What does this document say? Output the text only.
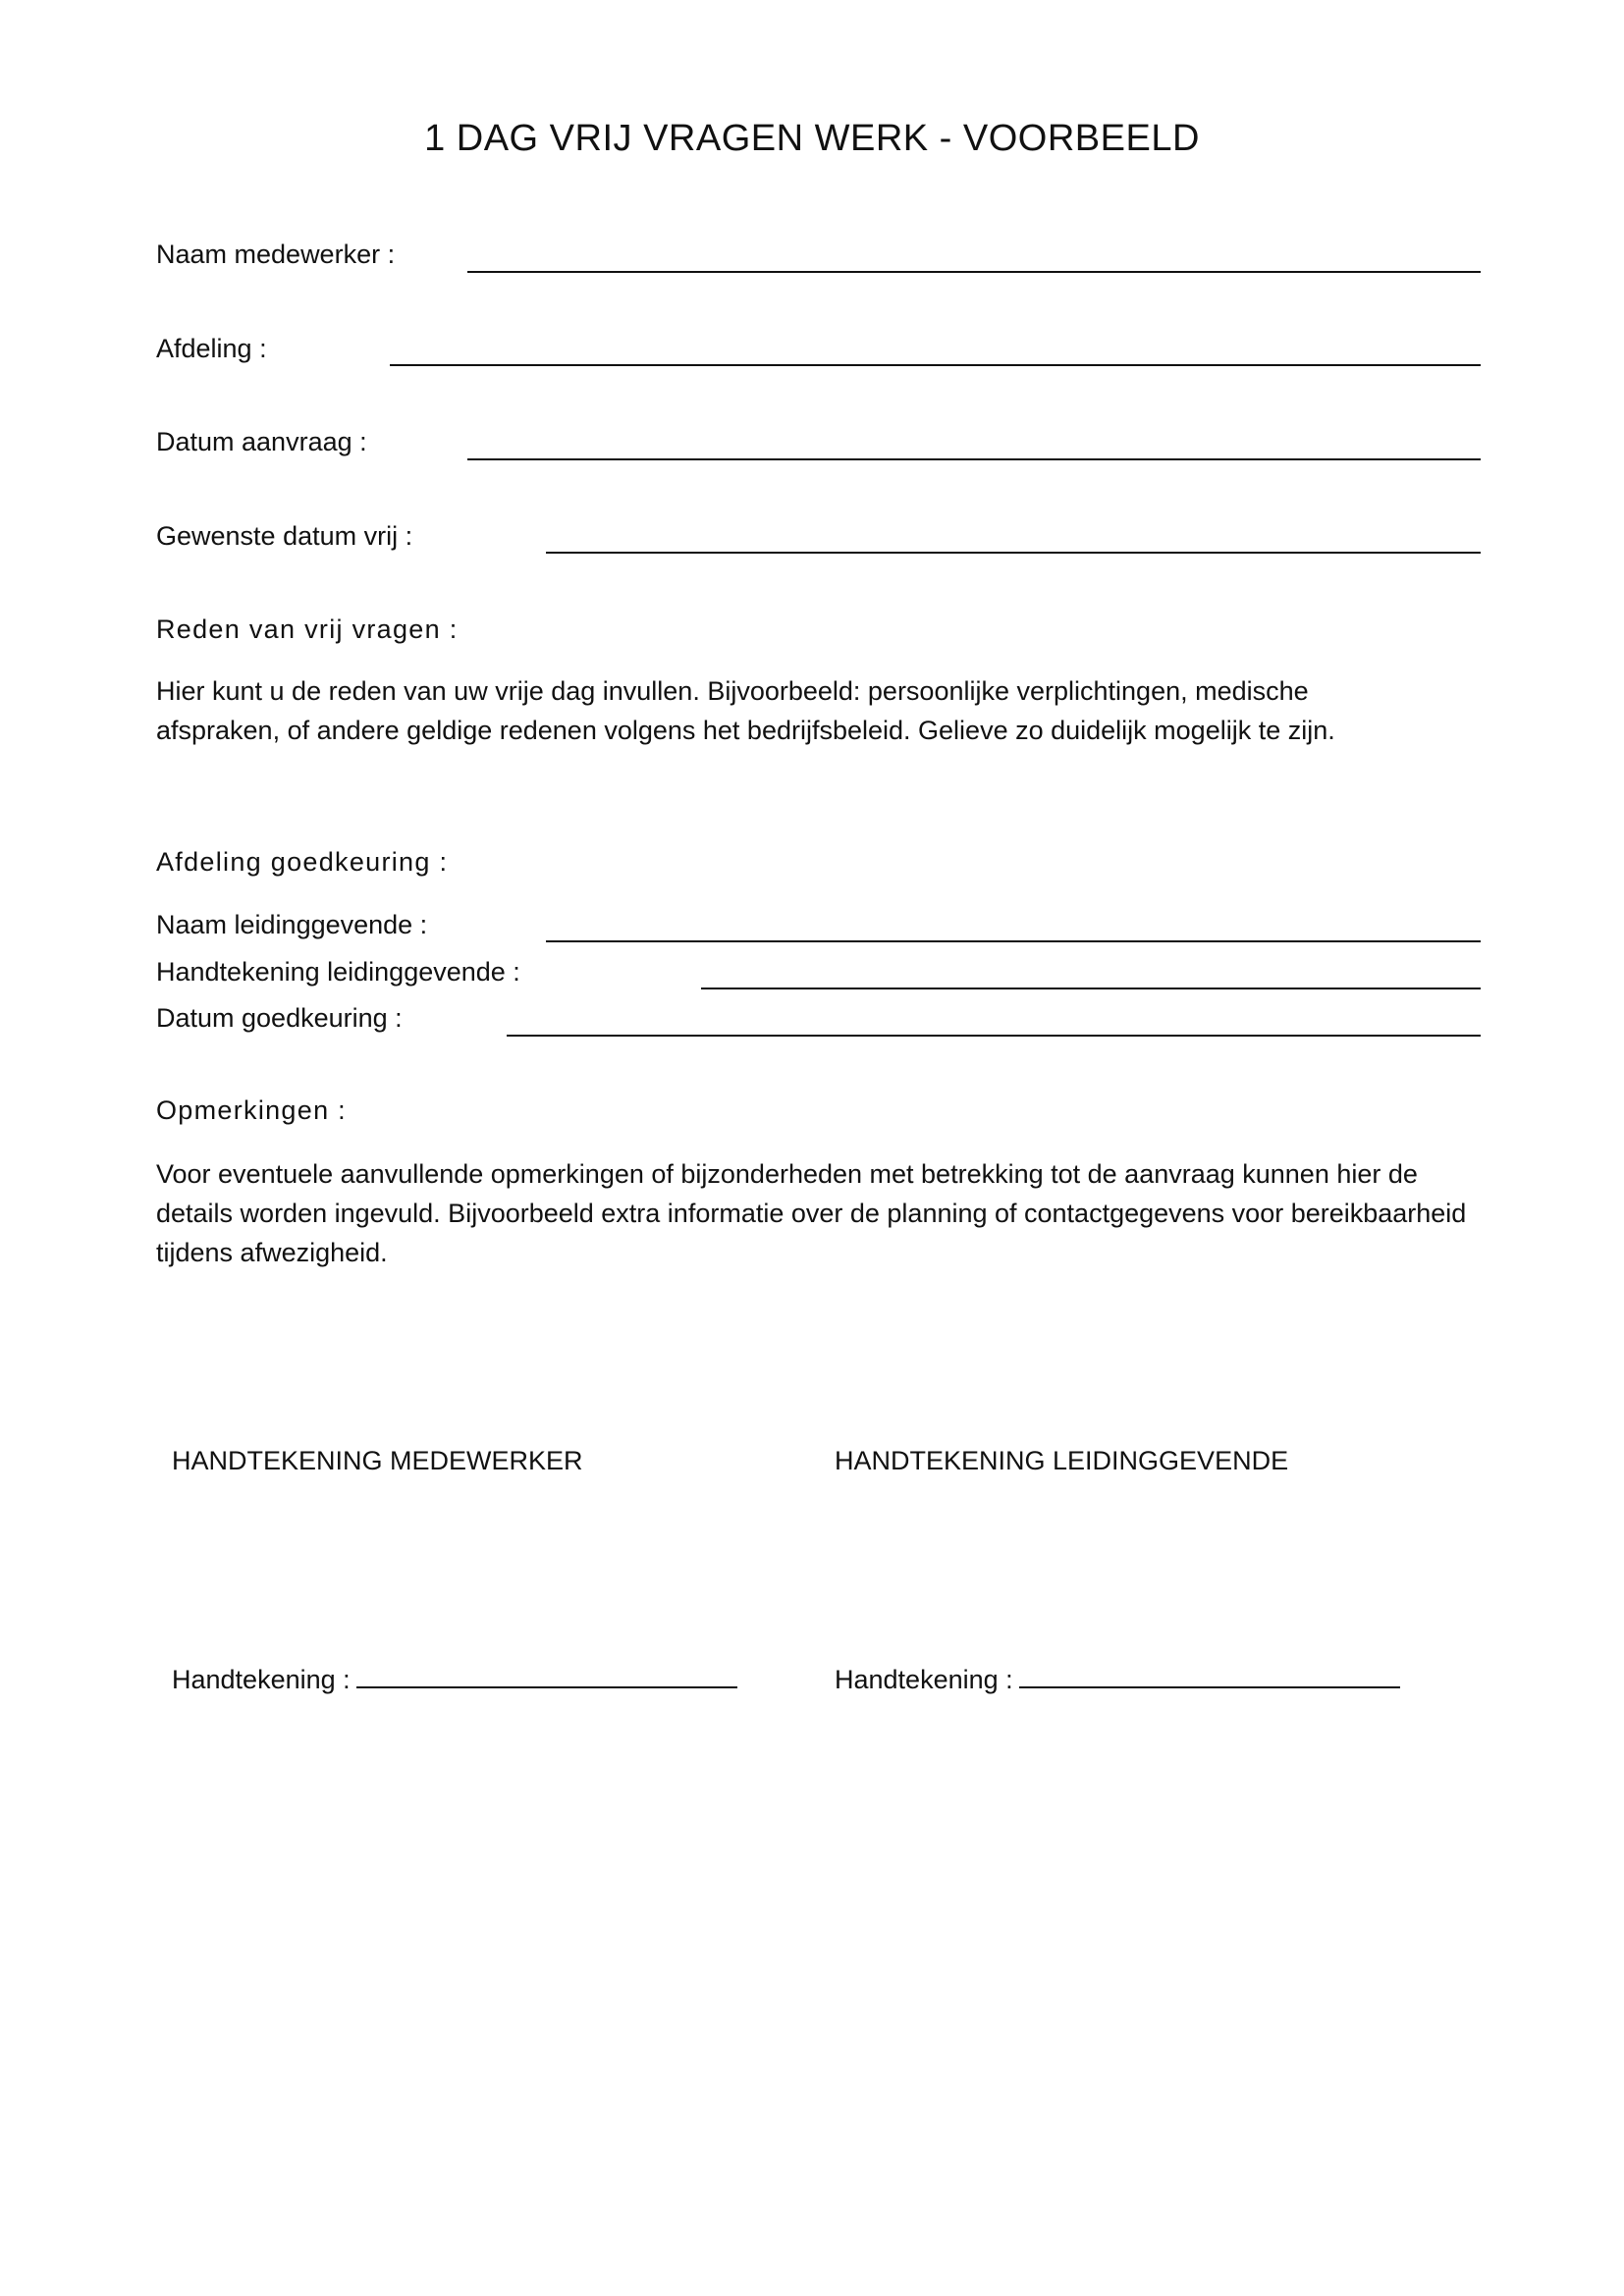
1 DAG VRIJ VRAGEN WERK - VOORBEELD
Naam medewerker :
Afdeling :
Datum aanvraag :
Gewenste datum vrij :
Reden van vrij vragen :
Hier kunt u de reden van uw vrije dag invullen. Bijvoorbeeld: persoonlijke verplichtingen, medische afspraken, of andere geldige redenen volgens het bedrijfsbeleid. Gelieve zo duidelijk mogelijk te zijn.
Afdeling goedkeuring :
Naam leidinggevende :
Handtekening leidinggevende :
Datum goedkeuring :
Opmerkingen :
Voor eventuele aanvullende opmerkingen of bijzonderheden met betrekking tot de aanvraag kunnen hier de details worden ingevuld. Bijvoorbeeld extra informatie over de planning of contactgegevens voor bereikbaarheid tijdens afwezigheid.
HANDTEKENING MEDEWERKER	HANDTEKENING LEIDINGGEVENDE
Handtekening :	Handtekening :
